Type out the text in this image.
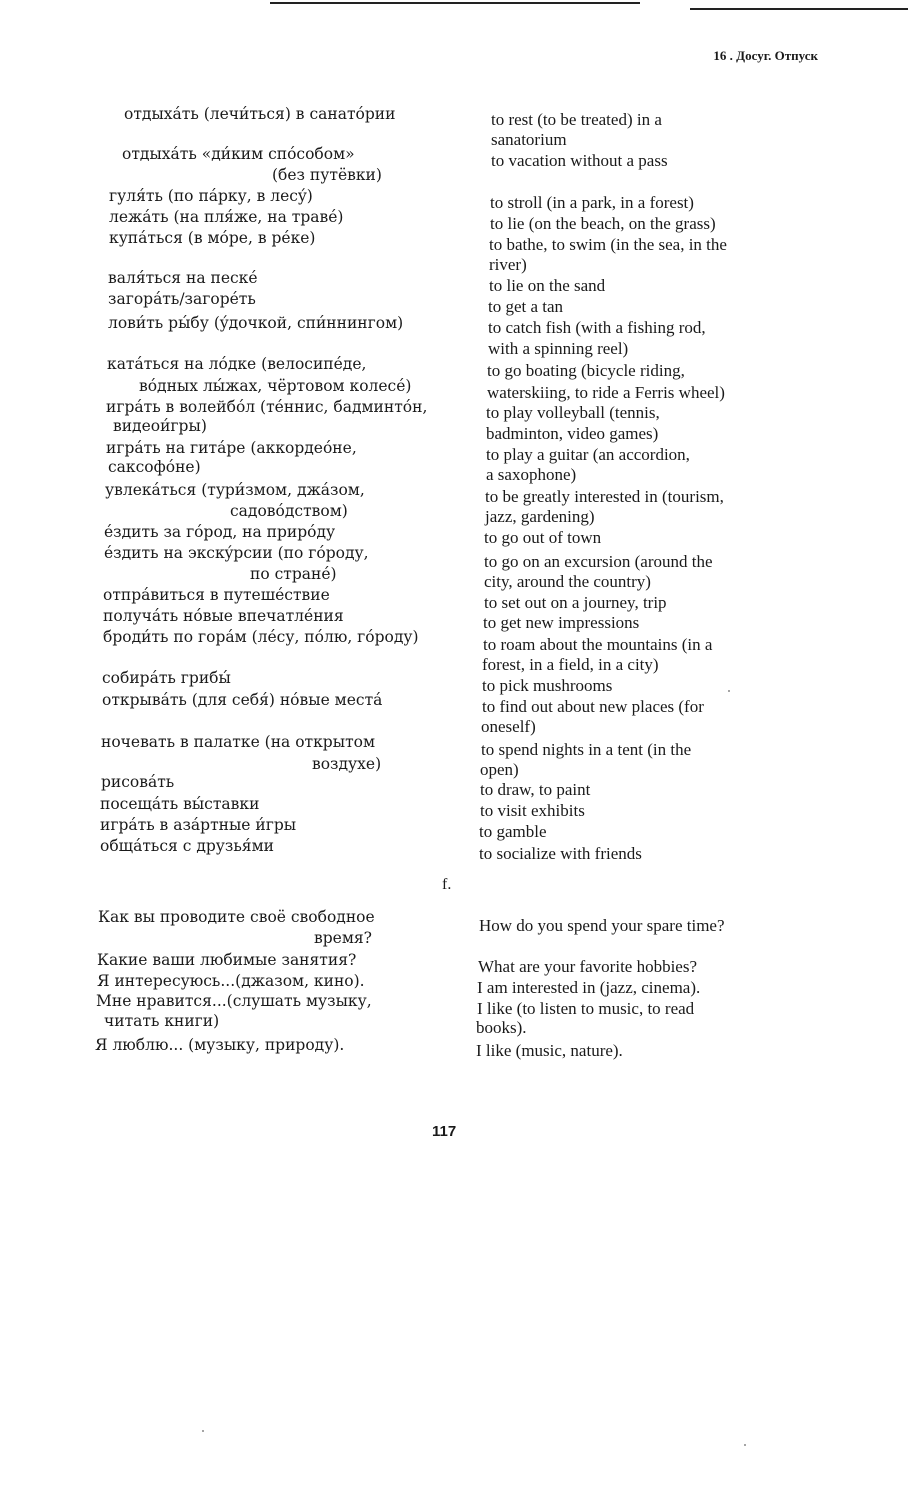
16 . Досуг. Отпуск
отдыхáть (лечи́ться) в санатóрии
отдыхáть «ди́ким спóсобом»
(без путёвки)
гуля́ть (по пáрку, в лесý)
лежáть (на пля́же, на травé)
купáться (в мóре, в рéке)
валя́ться на пескé
загорáть/загорéть
лови́ть ры́бу (ýдочкой, спи́ннингом)
катáться на лóдке (велосипéде,
вóдных лы́жах, чёртовом колесé)
игрáть в волейбóл (тéннис, бадминтóн,
видеои́гры)
игрáть на гитáре (аккордеóне,
саксофóне)
увлекáться (тури́змом, джáзом,
садовóдством)
éздить за гóрод, на прирóду
éздить на экскýрсии (по гóроду,
по странé)
отпрáвиться в путешéствие
получáть нóвые впечатлéния
броди́ть по горáм (лéсу, пóлю, гóроду)
собирáть грибы́
открывáть (для себя́) нóвые местá
ночевать в палатке (на открытом
воздухе)
рисовáть
посещáть вы́ставки
игрáть в азáртные и́гры
общáться с друзья́ми
to rest (to be treated) in a
sanatorium
to vacation without a pass
to stroll (in a park, in a forest)
to lie (on the beach, on the grass)
to bathe, to swim (in the sea, in the
river)
to lie on the sand
to get a tan
to catch fish (with a fishing rod,
with a spinning reel)
to go boating (bicycle riding,
waterskiing, to ride a Ferris wheel)
to play volleyball (tennis,
badminton, video games)
to play a guitar (an accordion,
a saxophone)
to be greatly interested in (tourism,
jazz, gardening)
to go out of town
to go on an excursion (around the
city, around the country)
to set out on a journey, trip
to get new impressions
to roam about the mountains (in a
forest, in a field, in a city)
to pick mushrooms
to find out about new places (for
oneself)
to spend nights in a tent (in the
open)
to draw, to paint
to visit exhibits
to gamble
to socialize with friends
f.
Как вы проводите своё свободное
время?
Какие ваши любимые занятия?
Я интересуюсь...(джазом, кино).
Мне нравится...(слушать музыку,
читать книги)
Я люблю... (музыку, природу).
How do you spend your spare time?
What are your favorite hobbies?
I am interested in (jazz, cinema).
I like (to listen to music, to read
books).
I like (music, nature).
117
